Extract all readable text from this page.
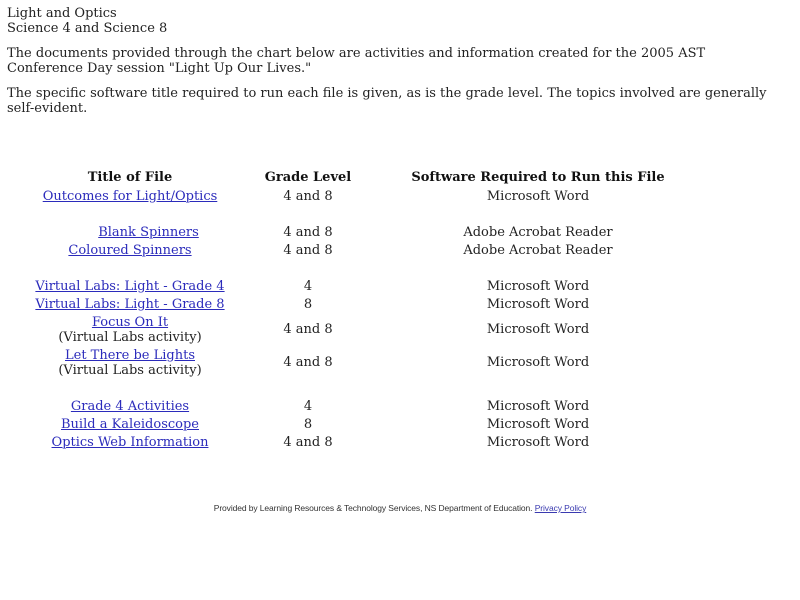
Light and Optics
Science 4 and Science 8

The documents provided through the chart below are activities and information created for the 2005 AST Conference Day session "Light Up Our Lives."

The specific software title required to run each file is given, as is the grade level. The topics involved are generally self-evident.

Title of File	Grade Level	Software Required to Run this File
Outcomes for Light/Optics	4 and 8	Microsoft Word

Blank Spinners	4 and 8	Adobe Acrobat Reader
Coloured Spinners	4 and 8	Adobe Acrobat Reader

Virtual Labs: Light - Grade 4	4	Microsoft Word
Virtual Labs: Light - Grade 8	8	Microsoft Word
Focus On It
(Virtual Labs activity)	4 and 8	Microsoft Word
Let There be Lights
(Virtual Labs activity)	4 and 8	Microsoft Word

Grade 4 Activities	4	Microsoft Word
Build a Kaleidoscope	8	Microsoft Word
Optics Web Information	4 and 8	Microsoft Word
Provided by Learning Resources & Technology Services, NS Department of Education. Privacy Policy
